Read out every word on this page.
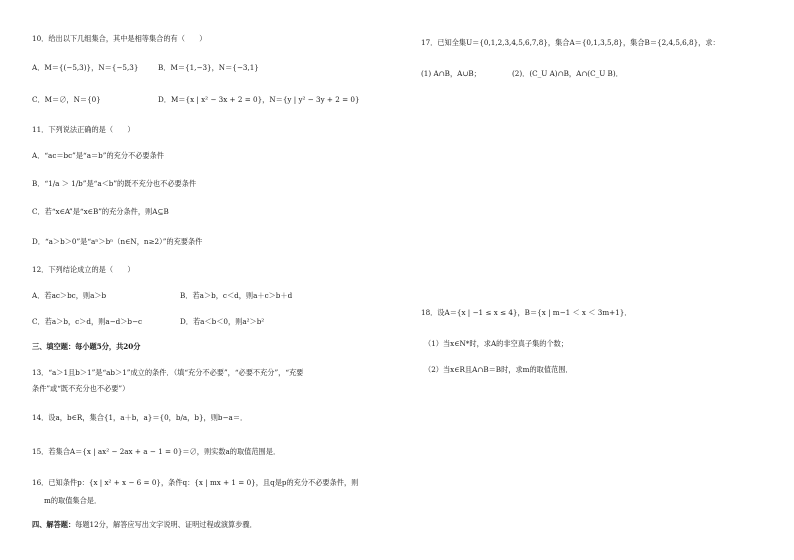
10．给出以下几组集合，其中是相等集合的有（　　）
A．M＝{(−5,3)}，N＝{−5,3}	B．M＝{1,−3}，N＝{−3,1}
C．M＝∅，N＝{0}	D．M＝{x | x² − 3x + 2 = 0}，N＝{y | y² − 3y + 2 = 0}
11．下列说法正确的是（　　）
A．“ac＝bc”是“a＝b”的充分不必要条件
B．“1/a ＞ 1/b”是“a＜b”的既不充分也不必要条件
C．若“x∈A”是“x∈B”的充分条件，则A⊆B
D．“a＞b＞0”是“aⁿ＞bⁿ（n∈N，n≥2）”的充要条件
12．下列结论成立的是（　　）
A．若ac＞bc，则a＞b	B．若a＞b，c＜d，则a＋c＞b＋d
C．若a＞b，c＞d，则a−d＞b−c	D．若a＜b＜0，则a²＞b²
三、填空题：每小题5分，共20分
13．“a＞1且b＞1”是“ab＞1”成立的条件．（填“充分不必要”，“必要不充分”，“充要
条件”或“既不充分也不必要”）
14．设a，b∈R，集合{1，a＋b，a}＝{0，b/a，b}，则b−a＝．
15．若集合A＝{x | ax² − 2ax + a − 1 = 0}＝∅，则实数a的取值范围是．
16．已知条件p：{x | x² + x − 6 = 0}，条件q：{x | mx + 1 = 0}，且q是p的充分不必要条件，则
m的取值集合是．
四、解答题：每题12分，解答应写出文字说明、证明过程或演算步骤．
17．已知全集U＝{0,1,2,3,4,5,6,7,8}，集合A＝{0,1,3,5,8}，集合B＝{2,4,5,6,8}，求：
(1) A∩B，A∪B；	(2)．(C_U A)∩B，A∩(C_U B)．
18．设A＝{x | −1 ≤ x ≤ 4}，B＝{x | m−1 ＜ x ＜ 3m+1}．
（1）当x∈N*时，求A的非空真子集的个数；
（2）当x∈R且A∩B＝B时，求m的取值范围．
